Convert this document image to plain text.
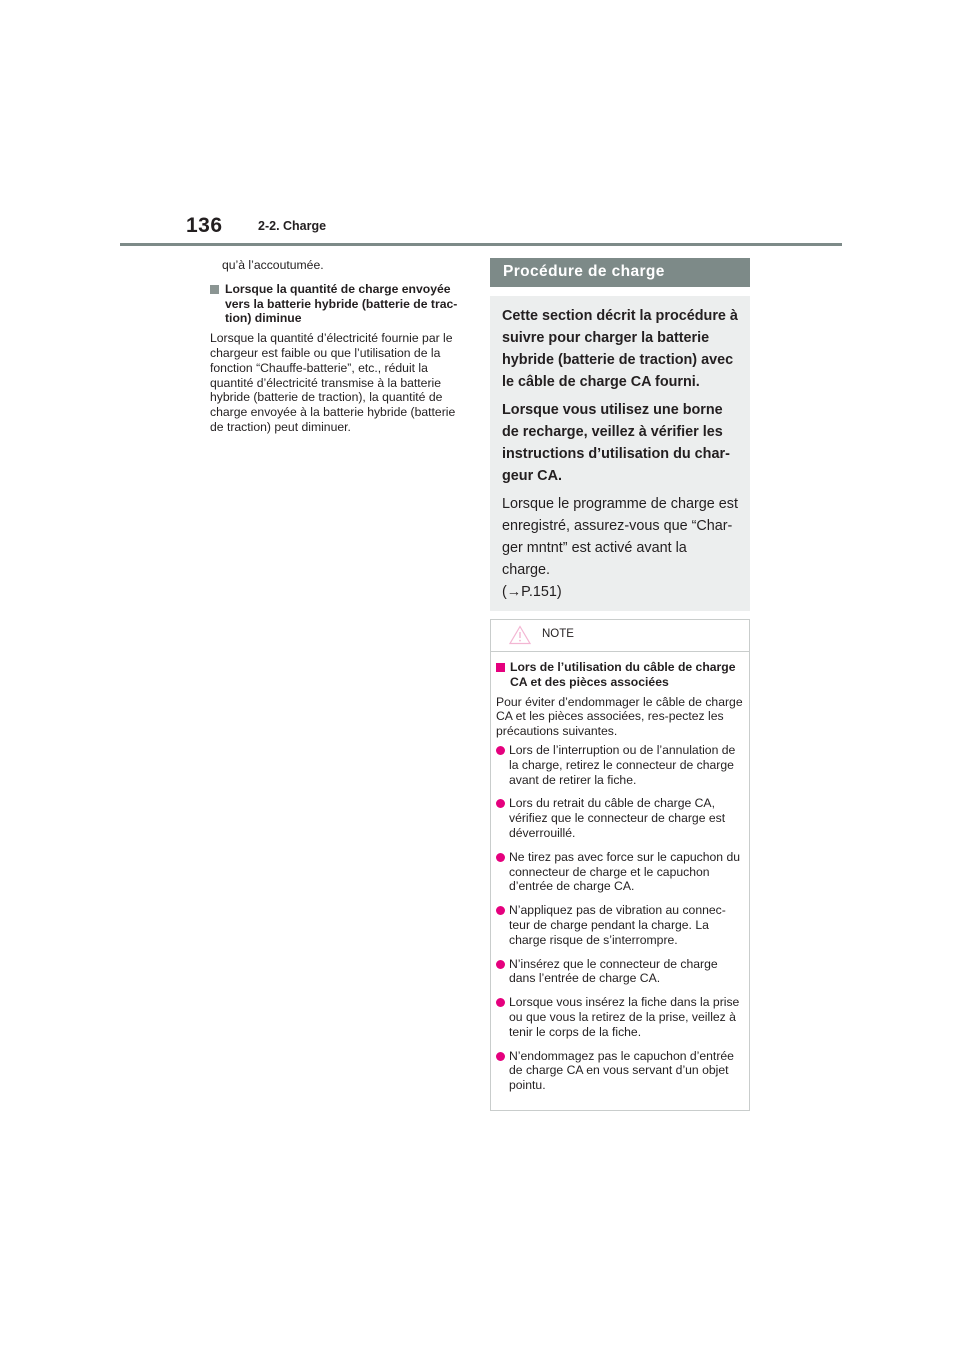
136	2-2. Charge
qu’à l’accoutumée.
Lorsque la quantité de charge envoyée vers la batterie hybride (batterie de trac-tion) diminue
Lorsque la quantité d’électricité fournie par le chargeur est faible ou que l’utilisation de la fonction “Chauffe-batterie”, etc., réduit la quantité d’électricité transmise à la batterie hybride (batterie de traction), la quantité de charge envoyée à la batterie hybride (batterie de traction) peut diminuer.
Procédure de charge
Cette section décrit la procédure à suivre pour charger la batterie hybride (batterie de traction) avec le câble de charge CA fourni.
Lorsque vous utilisez une borne de recharge, veillez à vérifier les instructions d’utilisation du char-geur CA.
Lorsque le programme de charge est enregistré, assurez-vous que “Char-ger mntnt” est activé avant la charge.
(→P.151)
NOTE
Lors de l’utilisation du câble de charge CA et des pièces associées
Pour éviter d’endommager le câble de charge CA et les pièces associées, res-pectez les précautions suivantes.
Lors de l’interruption ou de l’annulation de la charge, retirez le connecteur de charge avant de retirer la fiche.
Lors du retrait du câble de charge CA, vérifiez que le connecteur de charge est déverrouillé.
Ne tirez pas avec force sur le capuchon du connecteur de charge et le capuchon d’entrée de charge CA.
N’appliquez pas de vibration au connec-teur de charge pendant la charge. La charge risque de s’interrompre.
N’insérez que le connecteur de charge dans l’entrée de charge CA.
Lorsque vous insérez la fiche dans la prise ou que vous la retirez de la prise, veillez à tenir le corps de la fiche.
N’endommagez pas le capuchon d’entrée de charge CA en vous servant d’un objet pointu.
